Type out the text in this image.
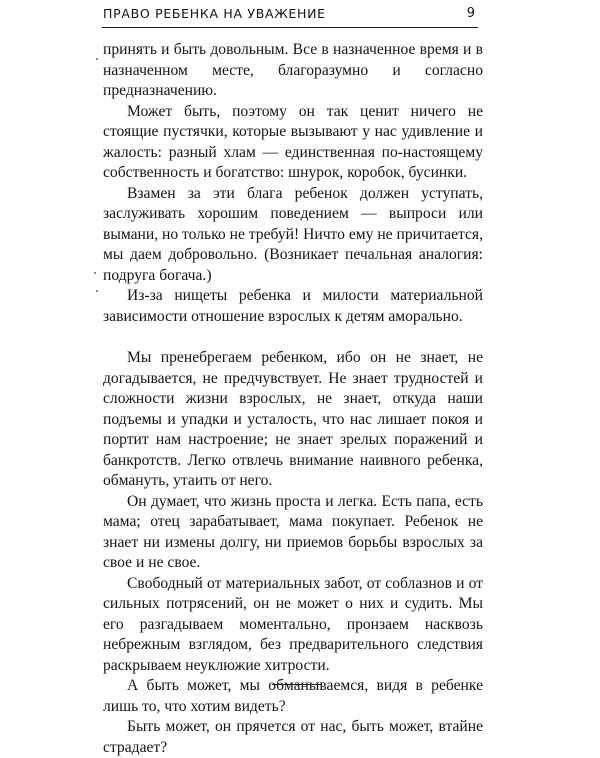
ПРАВО РЕБЕНКА НА УВАЖЕНИЕ	9

принять и быть довольным. Все в назначенное время и в назначенном месте, благоразумно и согласно предназначению.

Может быть, поэтому он так ценит ничего не стоящие пустячки, которые вызывают у нас удивление и жалость: разный хлам — единственная по-настоящему собственность и богатство: шнурок, коробок, бусинки.

Взамен за эти блага ребенок должен уступать, заслуживать хорошим поведением — выпроси или вымани, но только не требуй! Ничто ему не причитается, мы даем добровольно. (Возникает печальная аналогия: подруга богача.)

Из-за нищеты ребенка и милости материальной зависимости отношение взрослых к детям аморально.

Мы пренебрегаем ребенком, ибо он не знает, не догадывается, не предчувствует. Не знает трудностей и сложности жизни взрослых, не знает, откуда наши подъемы и упадки и усталость, что нас лишает покоя и портит нам настроение; не знает зрелых поражений и банкротств. Легко отвлечь внимание наивного ребенка, обмануть, утаить от него.

Он думает, что жизнь проста и легка. Есть папа, есть мама; отец зарабатывает, мама покупает. Ребенок не знает ни измены долгу, ни приемов борьбы взрослых за свое и не свое.

Свободный от материальных забот, от соблазнов и от сильных потрясений, он не может о них и судить. Мы его разгадываем моментально, пронзаем насквозь небрежным взглядом, без предварительного следствия раскрываем неуклюжие хитрости.

А быть может, мы обманываемся, видя в ребенке лишь то, что хотим видеть?

Быть может, он прячется от нас, быть может, втайне страдает?
